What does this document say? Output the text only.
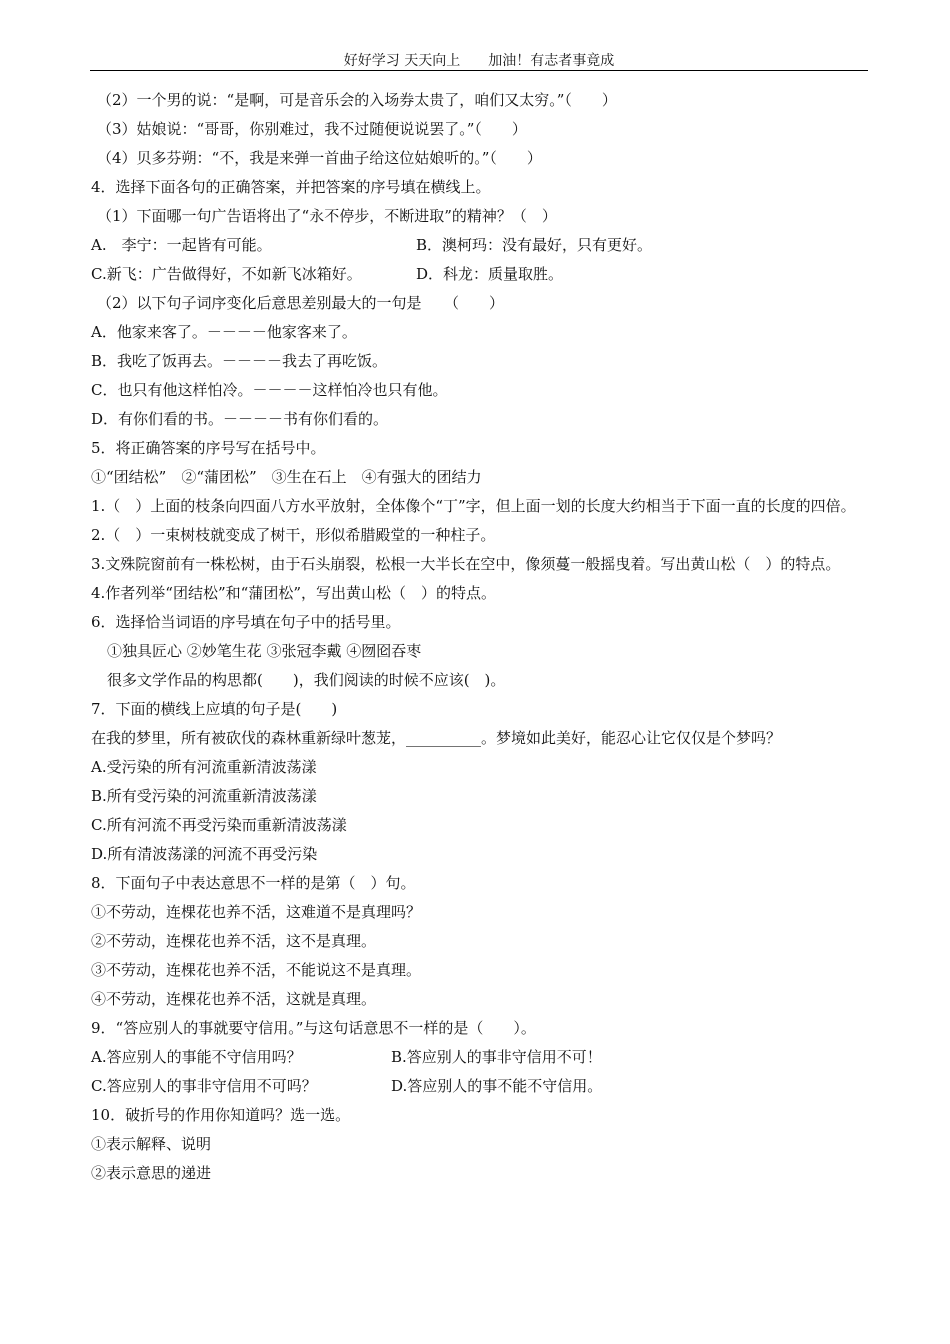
好好学习 天天向上　　加油！有志者事竟成
（2）一个男的说：“是啊，可是音乐会的入场券太贵了，咱们又太穷。”（　　）
（3）姑娘说：“哥哥，你别难过，我不过随便说说罢了。”（　　）
（4）贝多芬朔：“不，我是来弹一首曲子给这位姑娘听的。”（　　）
4．选择下面各句的正确答案，并把答案的序号填在横线上。
（1）下面哪一句广告语将出了“永不停步，不断进取”的精神？（　）
A.　李宁：一起皆有可能。	B．澳柯玛：没有最好，只有更好。
C.新飞：广告做得好，不如新飞冰箱好。	D．科龙：质量取胜。
（2）以下句子词序变化后意思差别最大的一句是　　（　　）
A．他家来客了。－－－－他家客来了。
B．我吃了饭再去。－－－－我去了再吃饭。
C．也只有他这样怕冷。－－－－这样怕冷也只有他。
D．有你们看的书。－－－－书有你们看的。
5．将正确答案的序号写在括号中。
①“团结松”　②“蒲团松”　③生在石上　④有强大的团结力
1.（　）上面的枝条向四面八方水平放射，全体像个“丁”字，但上面一划的长度大约相当于下面一直的长度的四倍。
2.（　）一束树枝就变成了树干，形似希腊殿堂的一种柱子。
3.文殊院窗前有一株松树，由于石头崩裂，松根一大半长在空中，像须蔓一般摇曳着。写出黄山松（　）的特点。
4.作者列举“团结松”和“蒲团松”，写出黄山松（　）的特点。
6．选择恰当词语的序号填在句子中的括号里。
①独具匠心 ②妙笔生花 ③张冠李戴 ④囫囵吞枣
很多文学作品的构思都(　　)，我们阅读的时候不应该(　)。
7．下面的横线上应填的句子是(　　)
在我的梦里，所有被砍伐的森林重新绿叶葱茏，__________。梦境如此美好，能忍心让它仅仅是个梦吗？
A.受污染的所有河流重新清波荡漾
B.所有受污染的河流重新清波荡漾
C.所有河流不再受污染而重新清波荡漾
D.所有清波荡漾的河流不再受污染
8．下面句子中表达意思不一样的是第（　）句。
①不劳动，连棵花也养不活，这难道不是真理吗？
②不劳动，连棵花也养不活，这不是真理。
③不劳动，连棵花也养不活，不能说这不是真理。
④不劳动，连棵花也养不活，这就是真理。
9．“答应别人的事就要守信用。”与这句话意思不一样的是（　　）。
A.答应别人的事能不守信用吗？	B.答应别人的事非守信用不可！
C.答应别人的事非守信用不可吗？	D.答应别人的事不能不守信用。
10．破折号的作用你知道吗？选一选。
①表示解释、说明
②表示意思的递进
